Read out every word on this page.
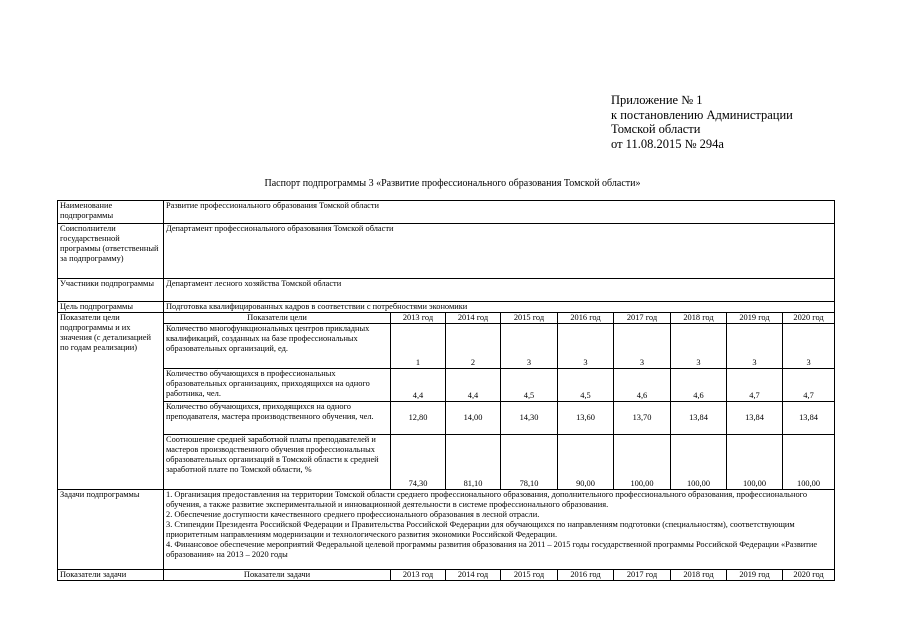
Приложение № 1
к постановлению Администрации
Томской области
от 11.08.2015 № 294а
Паспорт подпрограммы 3 «Развитие профессионального образования Томской области»
Наименование подпрограммы	Развитие профессионального образования Томской области								
Соисполнители государственной программы (ответственный за подпрограмму)	Департамент профессионального образования Томской области								
Участники подпрограммы	Департамент лесного хозяйства Томской области								
Цель подпрограммы	Подготовка квалифицированных кадров в соответствии с потребностями экономики								
Показатели цели подпрограммы и их значения (с детализацией по годам реализации)	Показатели цели	2013 год	2014 год	2015 год	2016 год	2017 год	2018 год	2019 год	2020 год
	Количество многофункциональных центров прикладных квалификаций, созданных на базе профессиональных образовательных организаций, ед.	1	2	3	3	3	3	3	3
	Количество обучающихся в профессиональных образовательных организациях, приходящихся на одного работника, чел.	4,4	4,4	4,5	4,5	4,6	4,6	4,7	4,7
	Количество обучающихся, приходящихся на одного преподавателя, мастера производственного обучения, чел.	12,80	14,00	14,30	13,60	13,70	13,84	13,84	13,84
	Соотношение средней заработной платы преподавателей и мастеров производственного обучения профессиональных образовательных организаций в Томской области к средней заработной плате по Томской области, %	74,30	81,10	78,10	90,00	100,00	100,00	100,00	100,00
Задачи подпрограммы	1. Организация предоставления на территории Томской области среднего профессионального образования, дополнительного профессионального образования, профессионального обучения, а также развитие экспериментальной и инновационной деятельности в системе профессионального образования.
2. Обеспечение доступности качественного среднего профессионального образования в лесной отрасли.
3. Стипендии Президента Российской Федерации и Правительства Российской Федерации для обучающихся по направлениям подготовки (специальностям), соответствующим приоритетным направлениям модернизации и технологического развития экономики Российской Федерации.
4. Финансовое обеспечение мероприятий Федеральной целевой программы развития образования на 2011 – 2015 годы государственной программы Российской Федерации «Развитие образования» на 2013 – 2020 годы								

Показатели задачи	Показатели задачи	2013 год	2014 год	2015 год	2016 год	2017 год	2018 год	2019 год	2020 год
